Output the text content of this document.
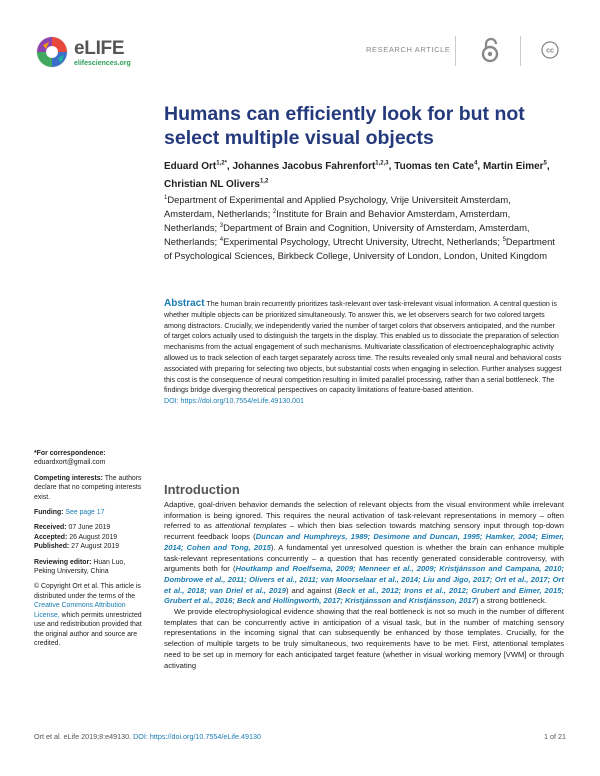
eLIFE
elifesciences.org
RESEARCH ARTICLE	cc
Humans can efficiently look for but not select multiple visual objects
Eduard Ort$^{1,2*}$, Johannes Jacobus Fahrenfort$^{1,2,3}$, Tuomas ten Cate$^4$, Martin Eimer$^5$, Christian NL Olivers$^{1,2}$
$^1$Department of Experimental and Applied Psychology, Vrije Universiteit Amsterdam, Amsterdam, Netherlands; $^2$Institute for Brain and Behavior Amsterdam, Amsterdam, Netherlands; $^3$Department of Brain and Cognition, University of Amsterdam, Amsterdam, Netherlands; $^4$Experimental Psychology, Utrecht University, Utrecht, Netherlands; $^5$Department of Psychological Sciences, Birkbeck College, University of London, London, United Kingdom
Abstract The human brain recurrently prioritizes task-relevant over task-irrelevant visual information. A central question is whether multiple objects can be prioritized simultaneously. To answer this, we let observers search for two colored targets among distractors. Crucially, we independently varied the number of target colors that observers anticipated, and the number of target colors actually used to distinguish the targets in the display. This enabled us to dissociate the preparation of selection mechanisms from the actual engagement of such mechanisms. Multivariate classification of electroencephalographic activity allowed us to track selection of each target separately across time. The results revealed only small neural and behavioral costs associated with preparing for selecting two objects, but substantial costs when engaging in selection. Further analyses suggest this cost is the consequence of neural competition resulting in limited parallel processing, rather than a serial bottleneck. The findings bridge diverging theoretical perspectives on capacity limitations of feature-based attention.
DOI: https://doi.org/10.7554/eLife.49130.001

*For correspondence:
eduardxort@gmail.com

Competing interests: The authors declare that no competing interests exist.

Funding: See page 17

Received: 07 June 2019
Accepted: 26 August 2019
Published: 27 August 2019

Reviewing editor: Huan Luo, Peking University, China

© Copyright Ort et al. This article is distributed under the terms of the Creative Commons Attribution License, which permits unrestricted use and redistribution provided that the original author and source are credited.

Introduction

Adaptive, goal-driven behavior demands the selection of relevant objects from the visual environment while irrelevant information is being ignored. This requires the neural activation of task-relevant representations in memory – often referred to as attentional templates – which then bias selection towards matching sensory input through top-down recurrent feedback loops (Duncan and Humphreys, 1989; Desimone and Duncan, 1995; Hamker, 2004; Eimer, 2014; Cohen and Tong, 2015). A fundamental yet unresolved question is whether the brain can enhance multiple task-relevant representations concurrently – a question that has recently generated considerable controversy, with arguments both for (Houtkamp and Roelfsema, 2009; Menneer et al., 2009; Kristjánsson and Campana, 2010; Dombrowe et al., 2011; Olivers et al., 2011; van Moorselaar et al., 2014; Liu and Jigo, 2017; Ort et al., 2017; Ort et al., 2018; van Driel et al., 2019) and against (Beck et al., 2012; Irons et al., 2012; Grubert and Eimer, 2015; Grubert et al., 2016; Beck and Hollingworth, 2017; Kristjánsson and Kristjánsson, 2017) a strong bottleneck.

We provide electrophysiological evidence showing that the real bottleneck is not so much in the number of different templates that can be concurrently active in anticipation of a visual task, but in the number of matching sensory representations in the incoming signal that can subsequently be enhanced by those templates. Crucially, for the selection of multiple targets to be truly simultaneous, two requirements have to be met. First, attentional templates need to be set up in memory for each anticipated target feature (whether in visual working memory [VWM] or through activating

Ort et al. eLife 2019;8:e49130. DOI: https://doi.org/10.7554/eLife.49130	1 of 21
